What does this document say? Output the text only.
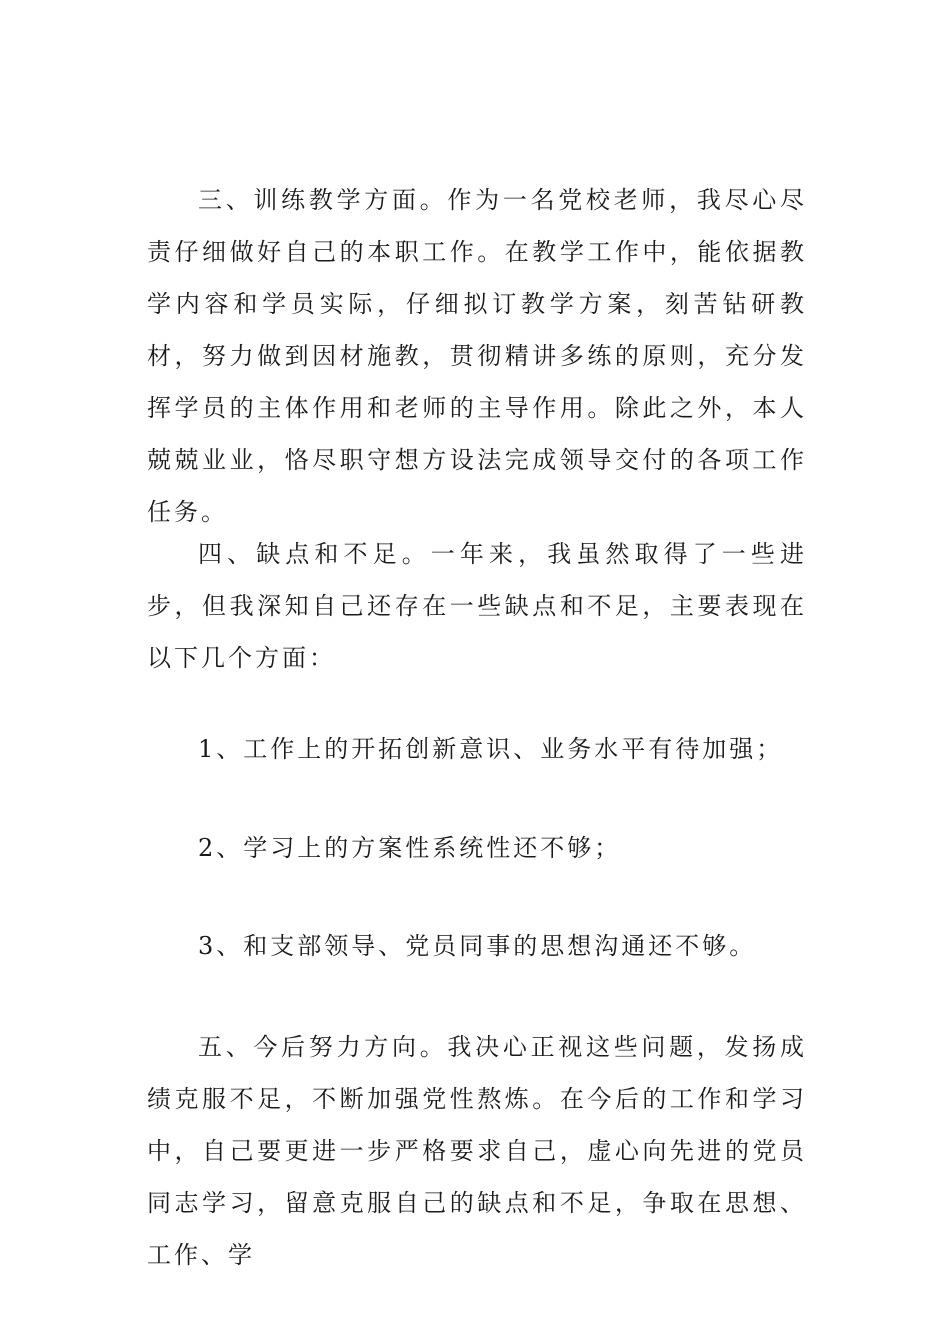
三、训练教学方面。作为一名党校老师，我尽心尽责仔细做好自己的本职工作。在教学工作中，能依据教学内容和学员实际，仔细拟订教学方案，刻苦钻研教材，努力做到因材施教，贯彻精讲多练的原则，充分发挥学员的主体作用和老师的主导作用。除此之外，本人兢兢业业，恪尽职守想方设法完成领导交付的各项工作任务。

四、缺点和不足。一年来，我虽然取得了一些进步，但我深知自己还存在一些缺点和不足，主要表现在以下几个方面：

1、工作上的开拓创新意识、业务水平有待加强；

2、学习上的方案性系统性还不够；

3、和支部领导、党员同事的思想沟通还不够。

五、今后努力方向。我决心正视这些问题，发扬成绩克服不足，不断加强党性熬炼。在今后的工作和学习中，自己要更进一步严格要求自己，虚心向先进的党员同志学习，留意克服自己的缺点和不足，争取在思想、工作、学
